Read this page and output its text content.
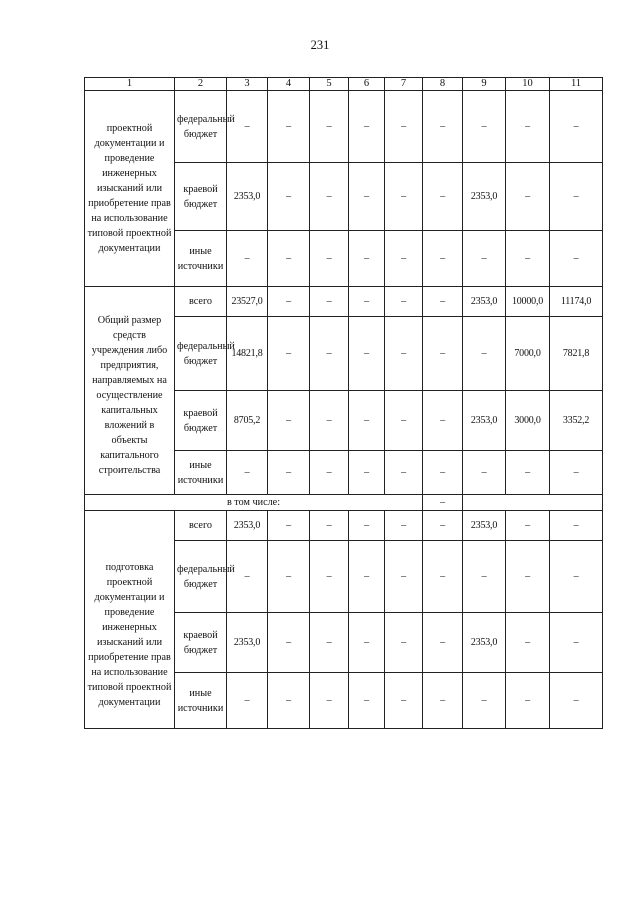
231
1	2	3	4	5	6	7	8	9	10	11
проектной документации и проведение инженерных изысканий или приобретение прав на использование типовой проектной документации	федеральный бюджет	–	–	–	–	–	–	–	–	–
	краевой бюджет	2353,0	–	–	–	–	–	2353,0	–	–
	иные источники	–	–	–	–	–	–	–	–	–
Общий размер средств учреждения либо предприятия, направляемых на осуществление капитальных вложений в объекты капитального строительства	всего	23527,0	–	–	–	–	–	2353,0	10000,0	11174,0
	федеральный бюджет	14821,8	–	–	–	–	–	–	7000,0	7821,8
	краевой бюджет	8705,2	–	–	–	–	–	2353,0	3000,0	3352,2
	иные источники	–	–	–	–	–	–	–	–	–
в том числе:							–			
подготовка проектной документации и проведение инженерных изысканий или приобретение прав на использование типовой проектной документации	всего	2353,0	–	–	–	–	–	2353,0	–	–
	федеральный бюджет	–	–	–	–	–	–	–	–	–
	краевой бюджет	2353,0	–	–	–	–	–	2353,0	–	–
	иные источники	–	–	–	–	–	–	–	–	–
